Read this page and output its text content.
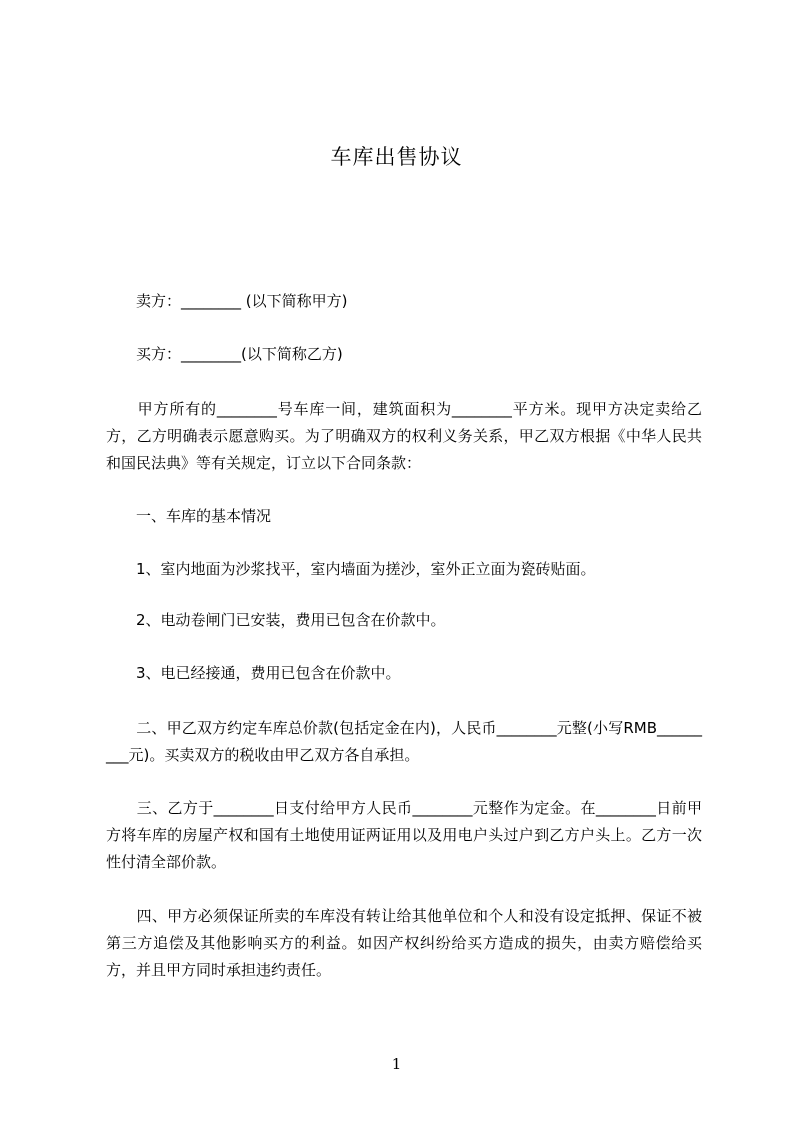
车库出售协议

　　卖方：________ (以下简称甲方)

　　买方：________(以下简称乙方)

　　甲方所有的________号车库一间，建筑面积为________平方米。现甲方决定卖给乙方，乙方明确表示愿意购买。为了明确双方的权利义务关系，甲乙双方根据《中华人民共和国民法典》等有关规定，订立以下合同条款：

　　一、车库的基本情况

　　1、室内地面为沙浆找平，室内墙面为搓沙，室外正立面为瓷砖贴面。

　　2、电动卷闸门已安装，费用已包含在价款中。

　　3、电已经接通，费用已包含在价款中。

　　二、甲乙双方约定车库总价款(包括定金在内)，人民币________元整(小写RMB_________元)。买卖双方的税收由甲乙双方各自承担。

　　三、乙方于________日支付给甲方人民币________元整作为定金。在________日前甲方将车库的房屋产权和国有土地使用证两证用以及用电户头过户到乙方户头上。乙方一次性付清全部价款。

　　四、甲方必须保证所卖的车库没有转让给其他单位和个人和没有设定抵押、保证不被第三方追偿及其他影响买方的利益。如因产权纠纷给买方造成的损失，由卖方赔偿给买方，并且甲方同时承担违约责任。

1
